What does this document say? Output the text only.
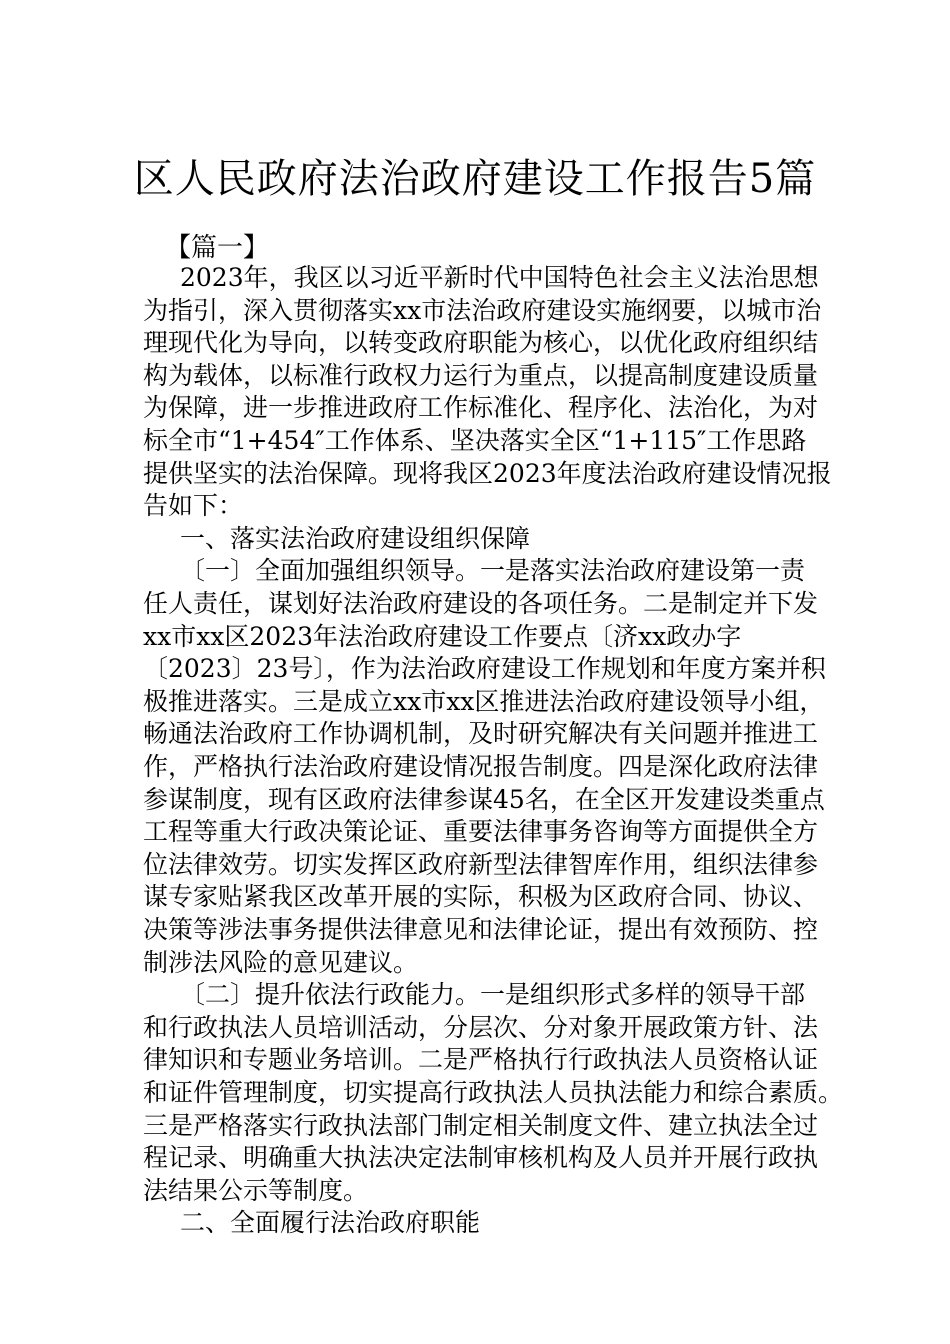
区人民政府法治政府建设工作报告5篇

【篇一】

2023年，我区以习近平新时代中国特色社会主义法治思想

为指引，深入贯彻落实xx市法治政府建设实施纲要，以城市治

理现代化为导向，以转变政府职能为核心，以优化政府组织结

构为载体，以标准行政权力运行为重点，以提高制度建设质量

为保障，进一步推进政府工作标准化、程序化、法治化，为对

标全市“1+454″工作体系、坚决落实全区“1+115″工作思路

提供坚实的法治保障。现将我区2023年度法治政府建设情况报

告如下：

一、落实法治政府建设组织保障

〔一〕全面加强组织领导。一是落实法治政府建设第一责

任人责任，谋划好法治政府建设的各项任务。二是制定并下发

xx市xx区2023年法治政府建设工作要点〔济xx政办字

〔2023〕23号〕，作为法治政府建设工作规划和年度方案并积

极推进落实。三是成立xx市xx区推进法治政府建设领导小组，

畅通法治政府工作协调机制，及时研究解决有关问题并推进工

作，严格执行法治政府建设情况报告制度。四是深化政府法律

参谋制度，现有区政府法律参谋45名，在全区开发建设类重点

工程等重大行政决策论证、重要法律事务咨询等方面提供全方

位法律效劳。切实发挥区政府新型法律智库作用，组织法律参

谋专家贴紧我区改革开展的实际，积极为区政府合同、协议、

决策等涉法事务提供法律意见和法律论证，提出有效预防、控

制涉法风险的意见建议。

〔二〕提升依法行政能力。一是组织形式多样的领导干部

和行政执法人员培训活动，分层次、分对象开展政策方针、法

律知识和专题业务培训。二是严格执行行政执法人员资格认证

和证件管理制度，切实提高行政执法人员执法能力和综合素质。

三是严格落实行政执法部门制定相关制度文件、建立执法全过

程记录、明确重大执法决定法制审核机构及人员并开展行政执

法结果公示等制度。

二、全面履行法治政府职能
